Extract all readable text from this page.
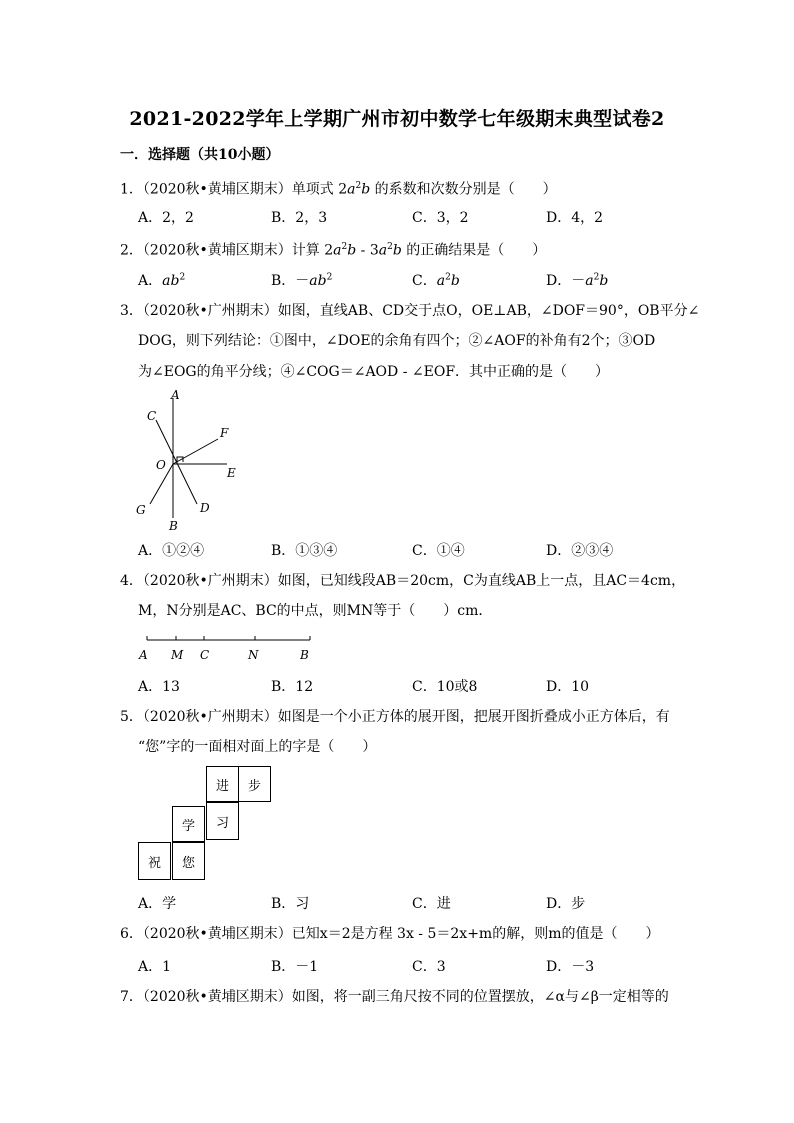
2021-2022学年上学期广州市初中数学七年级期末典型试卷2
一．选择题（共10小题）
1．（2020秋•黄埔区期末）单项式 $2a^2b$ 的系数和次数分别是（　　）
A．2，2	B．2，3	C．3，2	D．4，2
2．（2020秋•黄埔区期末）计算 $2a^2b - 3a^2b$ 的正确结果是（　　）
A．$ab^2$	B．$-ab^2$	C．$a^2b$	D．$-a^2b$
3．（2020秋•广州期末）如图，直线AB、CD交于点O，OE⊥AB，∠DOF＝90°，OB平分∠
DOG，则下列结论：①图中，∠DOE的余角有四个；②∠AOF的补角有2个；③OD
为∠EOG的角平分线；④∠COG＝∠AOD - ∠EOF．其中正确的是（　　）
A
C
F
O
E
G	D
B
A．①②④	B．①③④	C．①④	D．②③④
4．（2020秋•广州期末）如图，已知线段AB＝20cm，C为直线AB上一点，且AC＝4cm，
M，N分别是AC、BC的中点，则MN等于（　　）cm．
A M C	N	B
A．13	B．12	C．10或8	D．10
5．（2020秋•广州期末）如图是一个小正方体的展开图，把展开图折叠成小正方体后，有
“您”字的一面相对面上的字是（　　）
进	步
学	习
祝	您
A．学	B．习	C．进	D．步
6．（2020秋•黄埔区期末）已知x＝2是方程 3x - 5＝2x+m的解，则m的值是（　　）
A．1	B．－1	C．3	D．－3
7．（2020秋•黄埔区期末）如图，将一副三角尺按不同的位置摆放，∠α与∠β一定相等的
